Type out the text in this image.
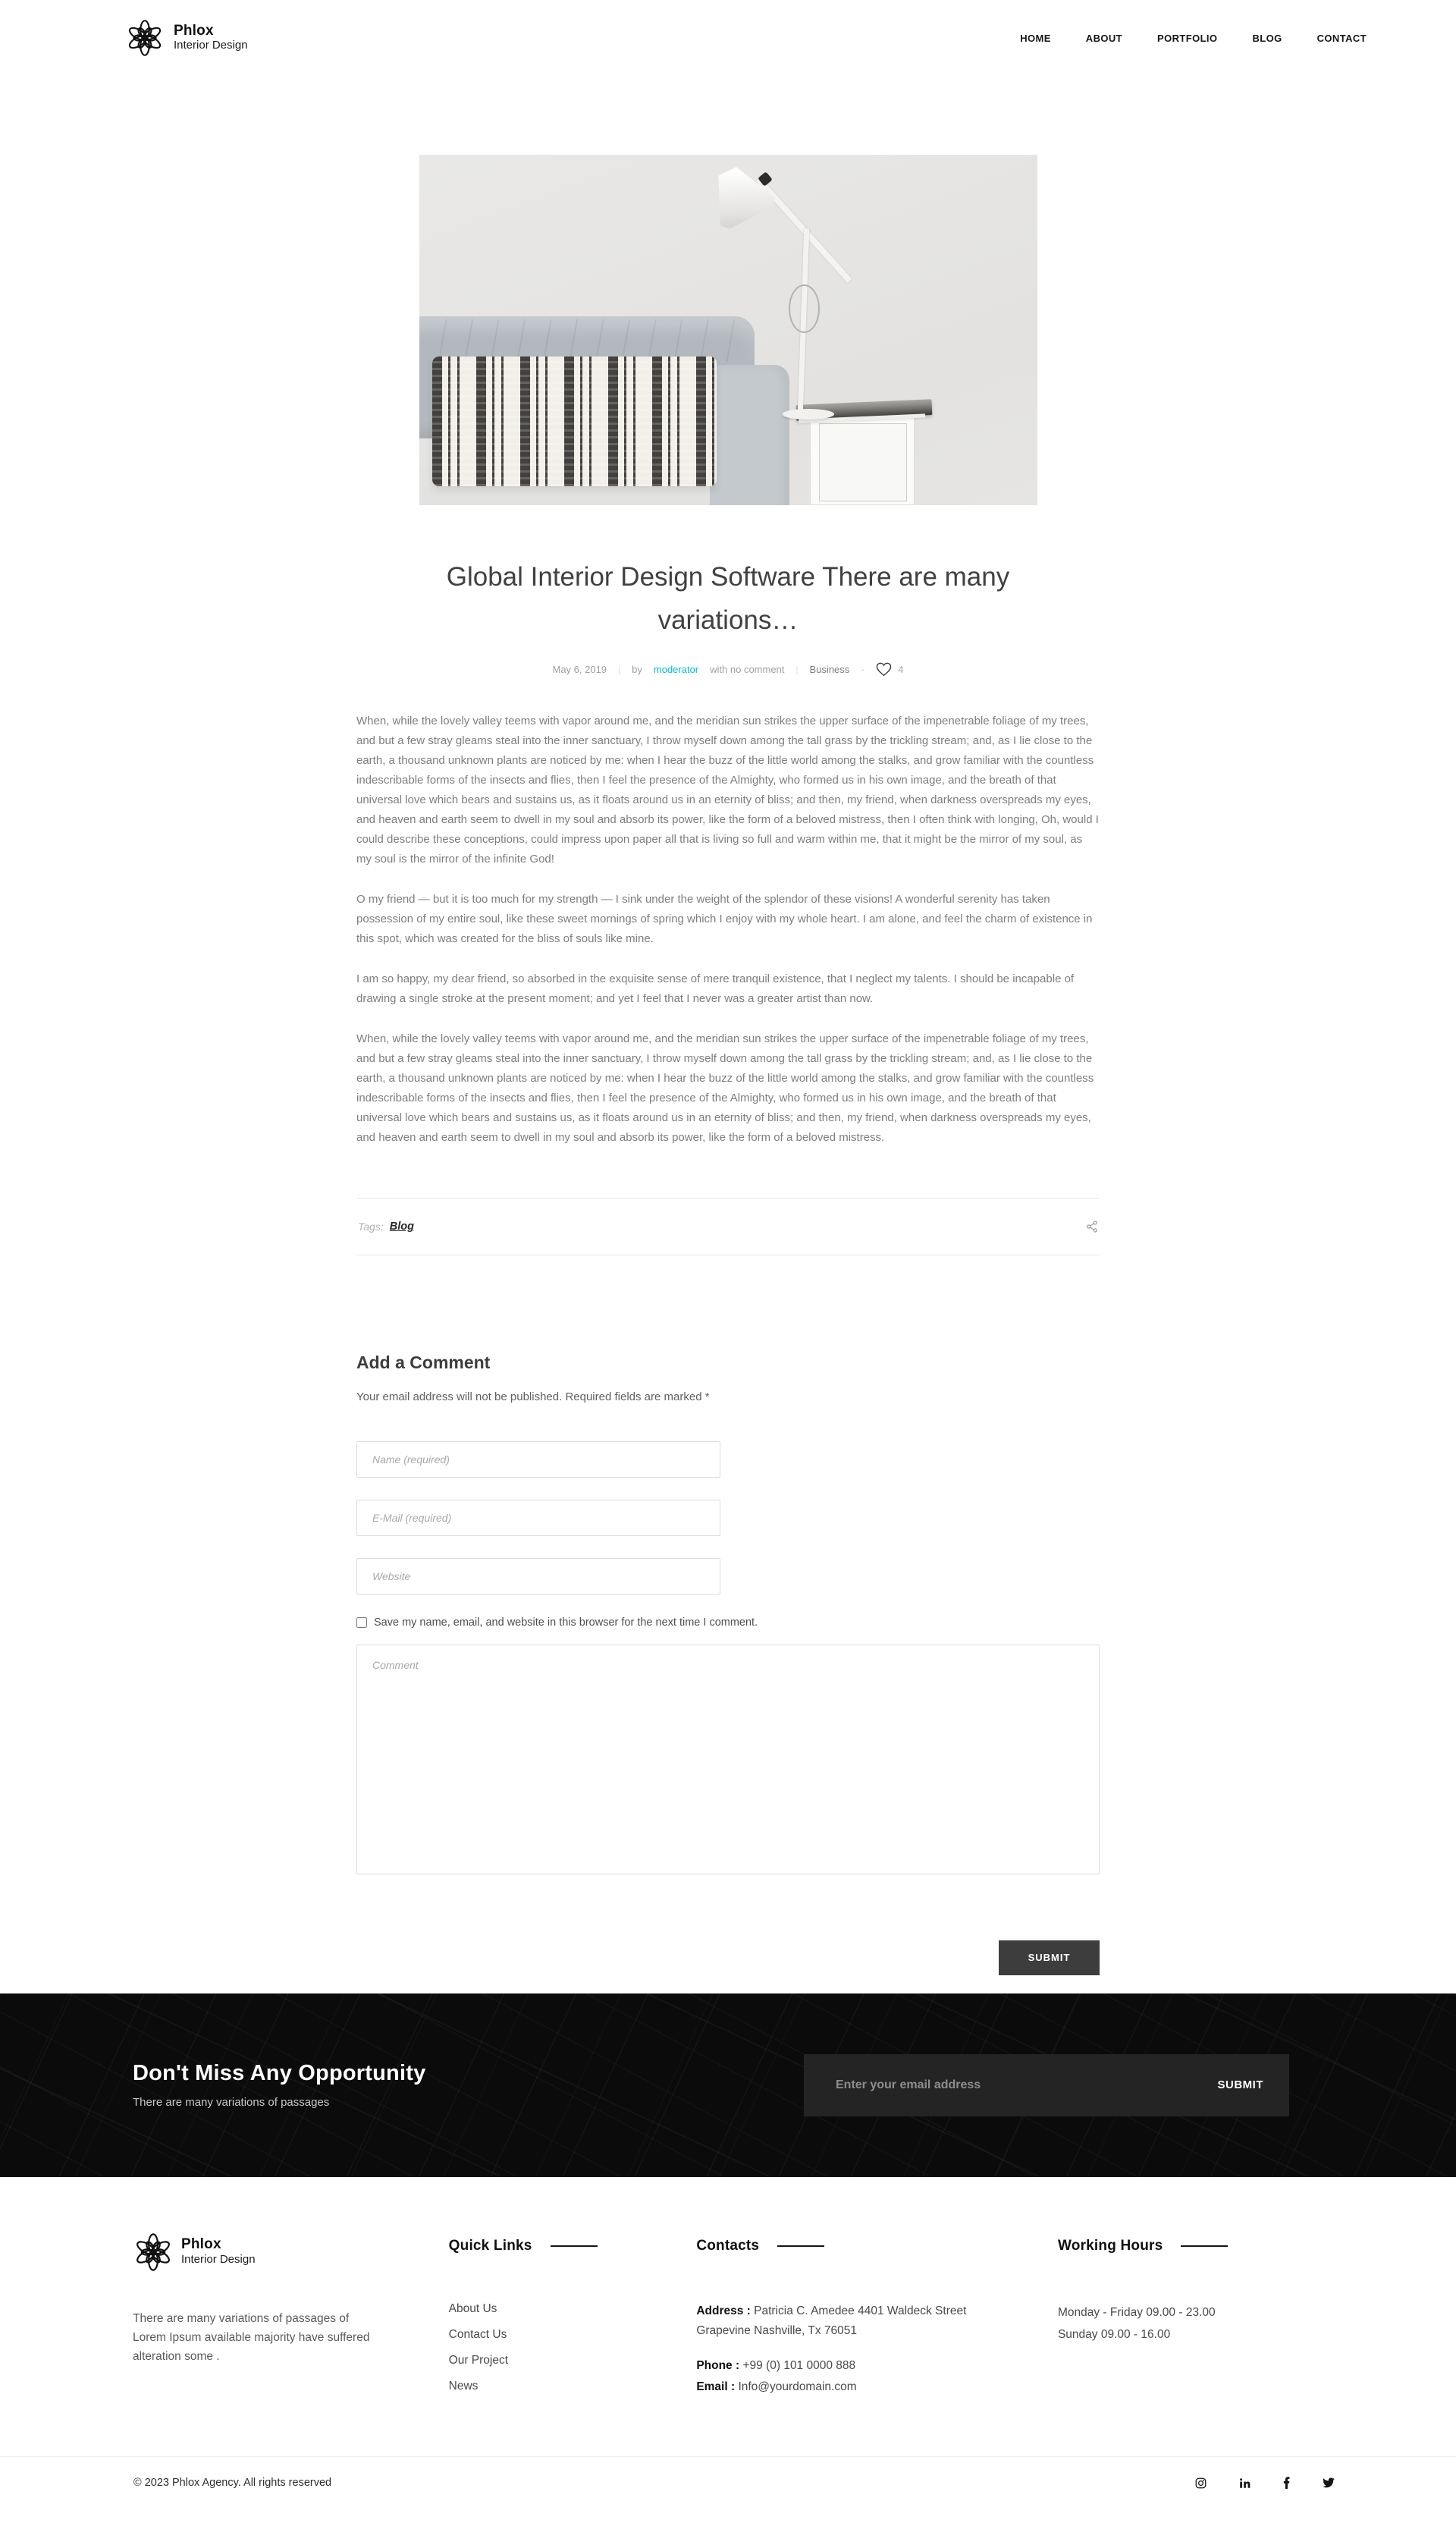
Phlox
Interior Design
HOME	ABOUT	PORTFOLIO	BLOG	CONTACT
Global Interior Design Software There are many variations…
May 6, 2019 |	by moderator with no comment |	Business ·	4

When, while the lovely valley teems with vapor around me, and the meridian sun strikes the upper surface of the impenetrable foliage of my trees, and but a few stray gleams steal into the inner sanctuary, I throw myself down among the tall grass by the trickling stream; and, as I lie close to the earth, a thousand unknown plants are noticed by me: when I hear the buzz of the little world among the stalks, and grow familiar with the countless indescribable forms of the insects and flies, then I feel the presence of the Almighty, who formed us in his own image, and the breath of that universal love which bears and sustains us, as it floats around us in an eternity of bliss; and then, my friend, when darkness overspreads my eyes, and heaven and earth seem to dwell in my soul and absorb its power, like the form of a beloved mistress, then I often think with longing, Oh, would I could describe these conceptions, could impress upon paper all that is living so full and warm within me, that it might be the mirror of my soul, as my soul is the mirror of the infinite God!

O my friend — but it is too much for my strength — I sink under the weight of the splendor of these visions! A wonderful serenity has taken possession of my entire soul, like these sweet mornings of spring which I enjoy with my whole heart. I am alone, and feel the charm of existence in this spot, which was created for the bliss of souls like mine.

I am so happy, my dear friend, so absorbed in the exquisite sense of mere tranquil existence, that I neglect my talents. I should be incapable of drawing a single stroke at the present moment; and yet I feel that I never was a greater artist than now.

When, while the lovely valley teems with vapor around me, and the meridian sun strikes the upper surface of the impenetrable foliage of my trees, and but a few stray gleams steal into the inner sanctuary, I throw myself down among the tall grass by the trickling stream; and, as I lie close to the earth, a thousand unknown plants are noticed by me: when I hear the buzz of the little world among the stalks, and grow familiar with the countless indescribable forms of the insects and flies, then I feel the presence of the Almighty, who formed us in his own image, and the breath of that universal love which bears and sustains us, as it floats around us in an eternity of bliss; and then, my friend, when darkness overspreads my eyes, and heaven and earth seem to dwell in my soul and absorb its power, like the form of a beloved mistress.

Tags: Blog
Add a Comment
Your email address will not be published. Required fields are marked *
Name (required)
E-Mail (required)
Website
Save my name, email, and website in this browser for the next time I comment.
Comment
SUBMIT
Don't Miss Any Opportunity
There are many variations of passages
Enter your email address
SUBMIT
Phlox
Interior Design
There are many variations of passages of Lorem Ipsum available majority have suffered alteration some .
Quick Links
About Us
Contact Us
Our Project
News
Contacts
Address : Patricia C. Amedee 4401 Waldeck Street Grapevine Nashville, Tx 76051
Phone : +99 (0) 101 0000 888
Email : Info@yourdomain.com
Working Hours
Monday - Friday 09.00 - 23.00
Sunday 09.00 - 16.00
© 2023 Phlox Agency. All rights reserved
